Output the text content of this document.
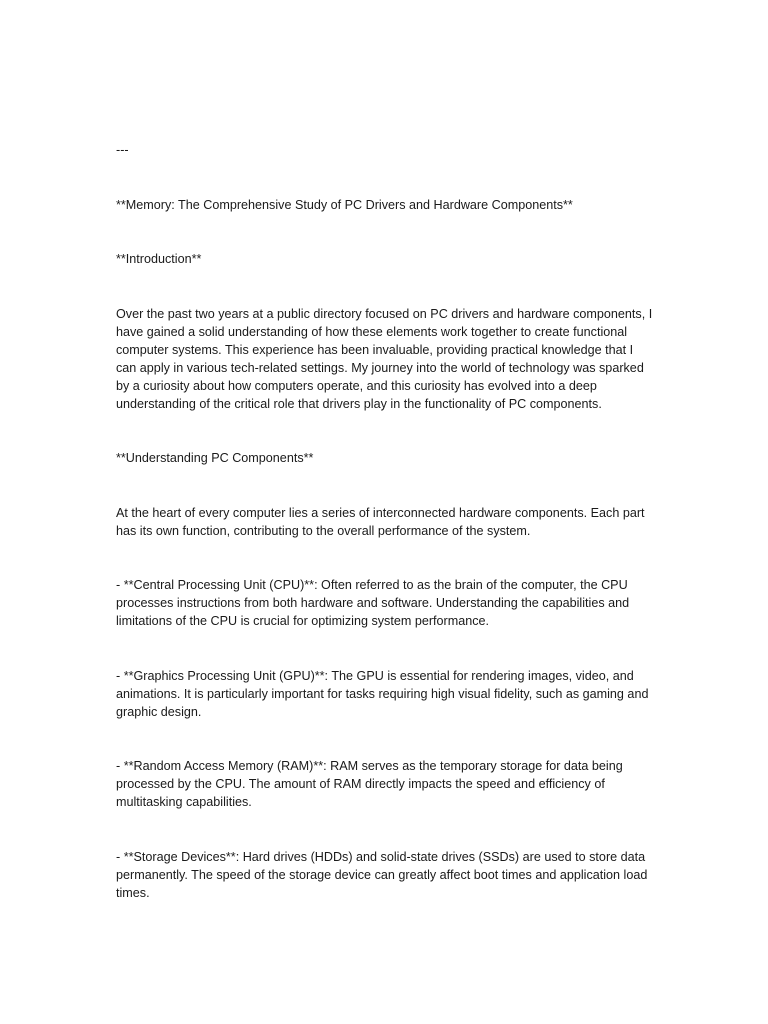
---

**Memory: The Comprehensive Study of PC Drivers and Hardware Components**

**Introduction**

Over the past two years at a public directory focused on PC drivers and hardware components, I have gained a solid understanding of how these elements work together to create functional computer systems. This experience has been invaluable, providing practical knowledge that I can apply in various tech-related settings. My journey into the world of technology was sparked by a curiosity about how computers operate, and this curiosity has evolved into a deep understanding of the critical role that drivers play in the functionality of PC components.

**Understanding PC Components**

At the heart of every computer lies a series of interconnected hardware components. Each part has its own function, contributing to the overall performance of the system.

- **Central Processing Unit (CPU)**: Often referred to as the brain of the computer, the CPU processes instructions from both hardware and software. Understanding the capabilities and limitations of the CPU is crucial for optimizing system performance.

- **Graphics Processing Unit (GPU)**: The GPU is essential for rendering images, video, and animations. It is particularly important for tasks requiring high visual fidelity, such as gaming and graphic design.

- **Random Access Memory (RAM)**: RAM serves as the temporary storage for data being processed by the CPU. The amount of RAM directly impacts the speed and efficiency of multitasking capabilities.

- **Storage Devices**: Hard drives (HDDs) and solid-state drives (SSDs) are used to store data permanently. The speed of the storage device can greatly affect boot times and application load times.
